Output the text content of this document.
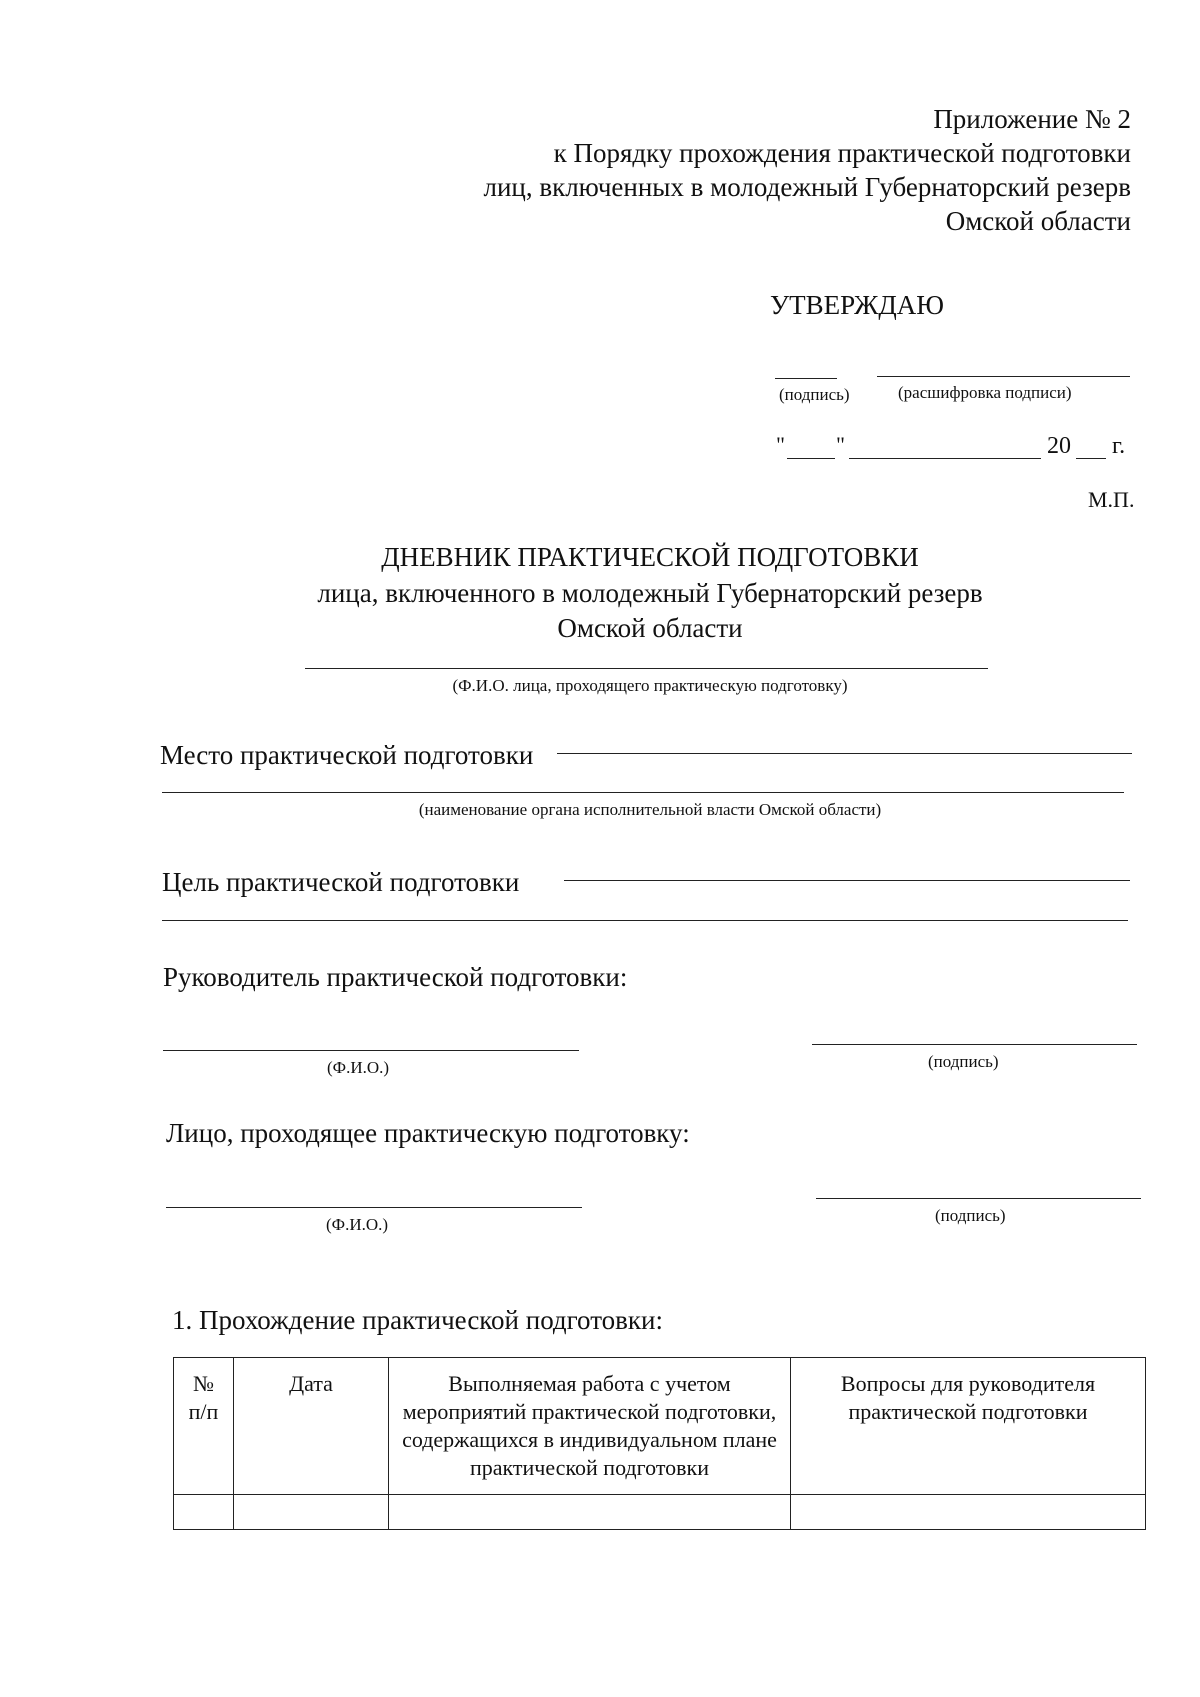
Приложение № 2
к Порядку прохождения практической подготовки
лиц, включенных в молодежный Губернаторский резерв
Омской области
УТВЕРЖДАЮ
(подпись)	(расшифровка подписи)
" "	20 г.
М.П.
ДНЕВНИК ПРАКТИЧЕСКОЙ ПОДГОТОВКИ
лица, включенного в молодежный Губернаторский резерв
Омской области
(Ф.И.О. лица, проходящего практическую подготовку)
Место практической подготовки
(наименование органа исполнительной власти Омской области)
Цель практической подготовки
Руководитель практической подготовки:
(Ф.И.О.)	(подпись)
Лицо, проходящее практическую подготовку:
(Ф.И.О.)	(подпись)
1. Прохождение практической подготовки:
№ п/п	Дата	Выполняемая работа с учетом мероприятий практической подготовки, содержащихся в индивидуальном плане практической подготовки	Вопросы для руководителя практической подготовки
